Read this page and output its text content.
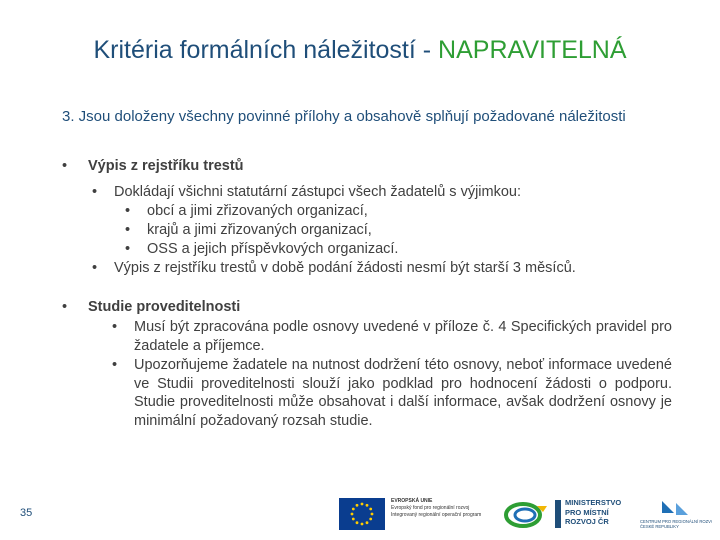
Kritéria formálních náležitostí - NAPRAVITELNÁ
3. Jsou doloženy všechny povinné přílohy a obsahově splňují požadované náležitosti
• Výpis z rejstříku trestů
• Dokládají všichni statutární zástupci všech žadatelů s výjimkou:
• obcí a jimi zřizovaných organizací,
• krajů a jimi zřizovaných organizací,
• OSS a jejich příspěvkových organizací.
• Výpis z rejstříku trestů v době podání žádosti nesmí být starší 3 měsíců.
• Studie proveditelnosti
•	Musí být zpracována podle osnovy uvedené v příloze č. 4 Specifických pravidel pro žadatele a příjemce.
•	Upozorňujeme žadatele na nutnost dodržení této osnovy, neboť informace uvedené ve Studii proveditelnosti slouží jako podklad pro hodnocení žádosti o podporu. Studie proveditelnosti může obsahovat i další informace, avšak dodržení osnovy je minimální požadovaný rozsah studie.
35
EVROPSKÁ UNIE
Evropský fond pro regionální rozvoj
Integrovaný regionální operační program
MINISTERSTVO
PRO MÍSTNÍ
ROZVOJ ČR	CENTRUM PRO REGIONÁLNÍ ROZVOJ
ČESKÉ REPUBLIKY
